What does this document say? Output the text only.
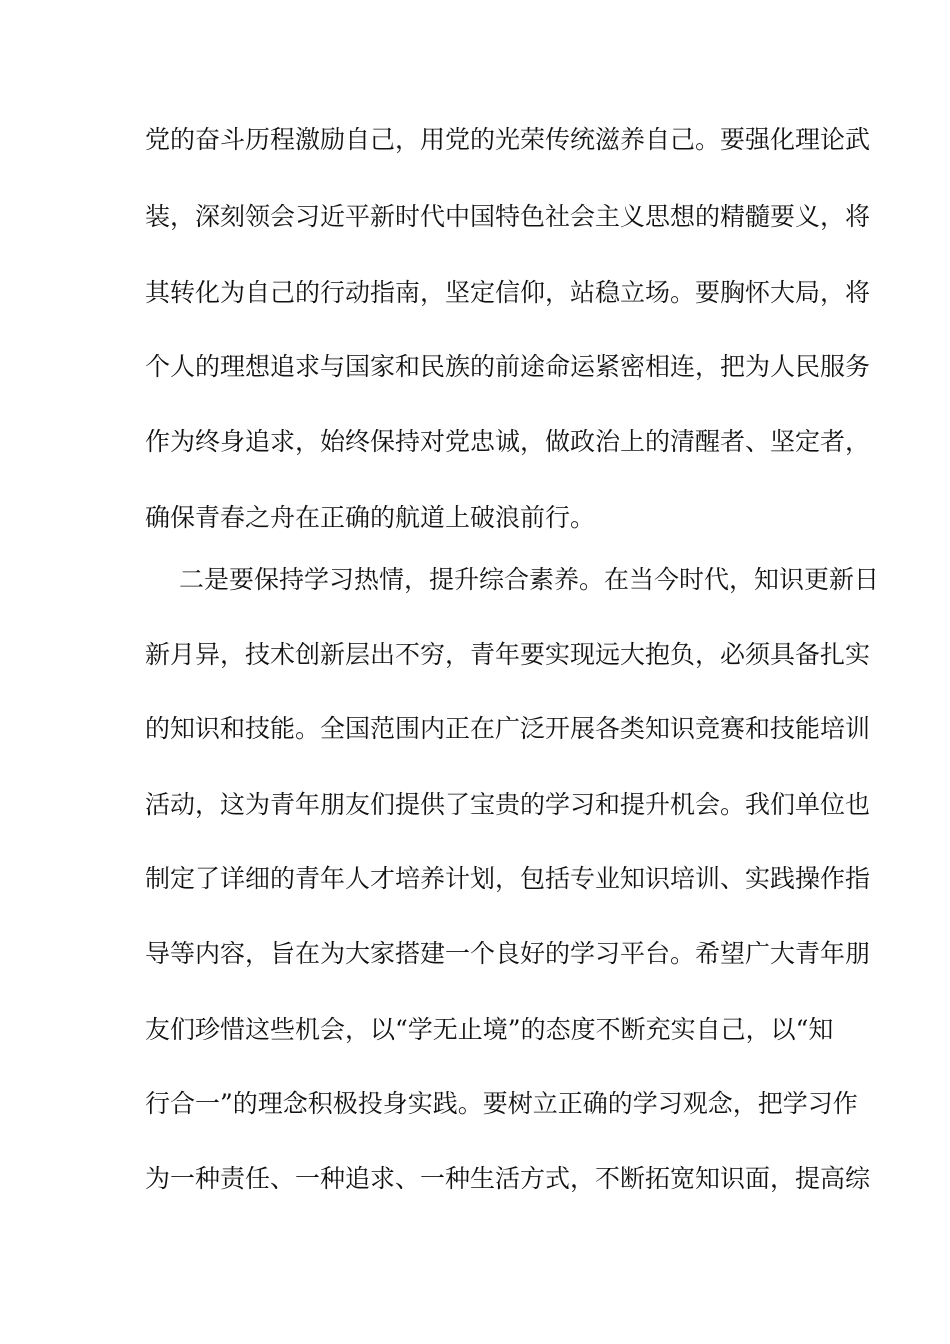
党的奋斗历程激励自己，用党的光荣传统滋养自己。要强化理论武
装，深刻领会习近平新时代中国特色社会主义思想的精髓要义，将
其转化为自己的行动指南，坚定信仰，站稳立场。要胸怀大局，将
个人的理想追求与国家和民族的前途命运紧密相连，把为人民服务
作为终身追求，始终保持对党忠诚，做政治上的清醒者、坚定者，
确保青春之舟在正确的航道上破浪前行。
二是要保持学习热情，提升综合素养。在当今时代，知识更新日
新月异，技术创新层出不穷，青年要实现远大抱负，必须具备扎实
的知识和技能。全国范围内正在广泛开展各类知识竞赛和技能培训
活动，这为青年朋友们提供了宝贵的学习和提升机会。我们单位也
制定了详细的青年人才培养计划，包括专业知识培训、实践操作指
导等内容，旨在为大家搭建一个良好的学习平台。希望广大青年朋
友们珍惜这些机会，以“学无止境”的态度不断充实自己，以“知
行合一”的理念积极投身实践。要树立正确的学习观念，把学习作
为一种责任、一种追求、一种生活方式，不断拓宽知识面，提高综
